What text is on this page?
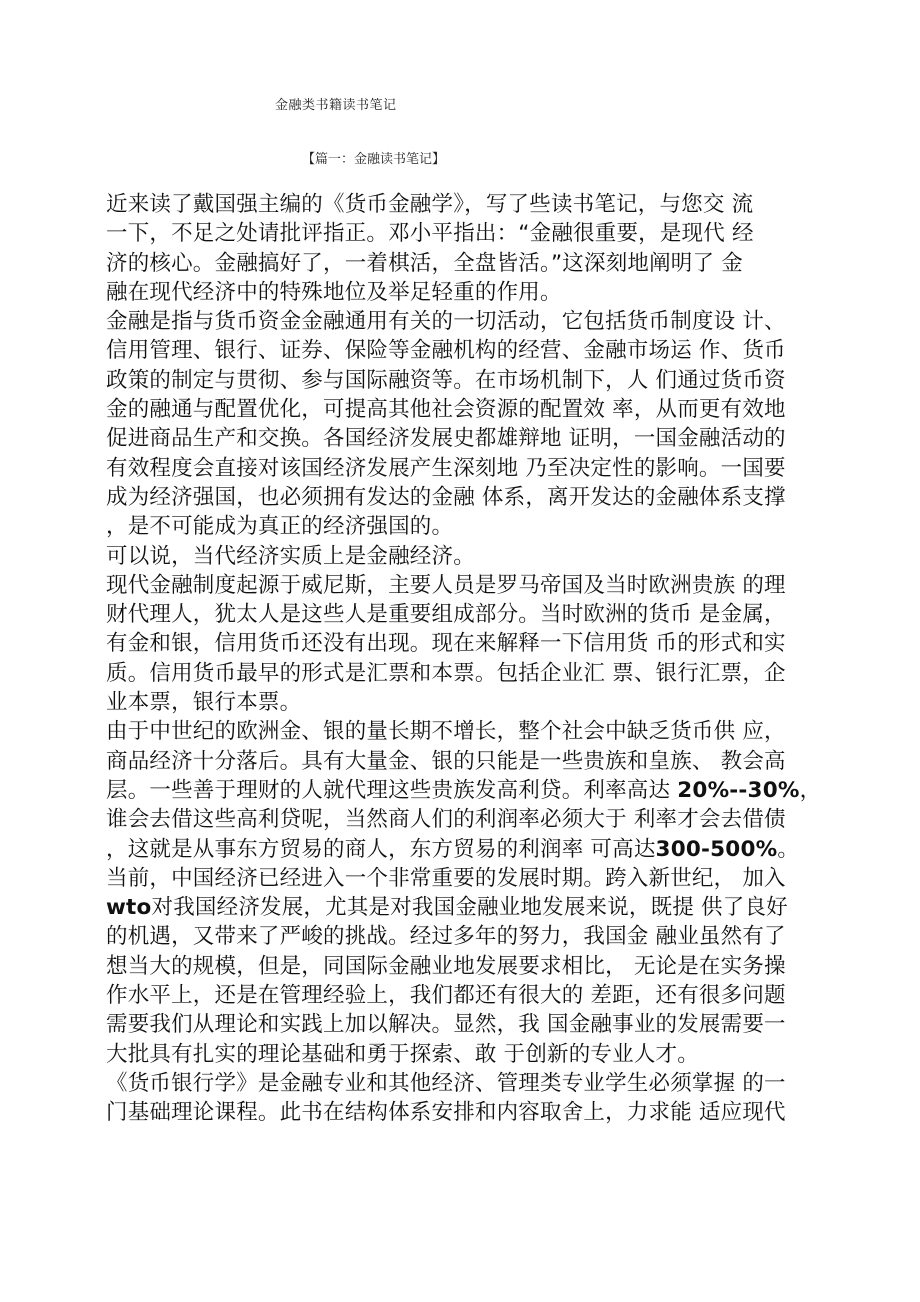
金融类书籍读书笔记
【篇一：金融读书笔记】
近来读了戴国强主编的《货币金融学》，写了些读书笔记，与您交 流
一下，不足之处请批评指正。邓小平指出：“金融很重要，是现代 经
济的核心。金融搞好了，一着棋活，全盘皆活。”这深刻地阐明了 金
融在现代经济中的特殊地位及举足轻重的作用。
金融是指与货币资金金融通用有关的一切活动，它包括货币制度设 计、
信用管理、银行、证券、保险等金融机构的经营、金融市场运 作、货币
政策的制定与贯彻、参与国际融资等。在市场机制下，人 们通过货币资
金的融通与配置优化，可提高其他社会资源的配置效 率，从而更有效地
促进商品生产和交换。各国经济发展史都雄辩地 证明，一国金融活动的
有效程度会直接对该国经济发展产生深刻地 乃至决定性的影响。一国要
成为经济强国，也必须拥有发达的金融 体系，离开发达的金融体系支撑
，是不可能成为真正的经济强国的。
可以说，当代经济实质上是金融经济。
现代金融制度起源于威尼斯，主要人员是罗马帝国及当时欧洲贵族 的理
财代理人，犹太人是这些人是重要组成部分。当时欧洲的货币 是金属，
有金和银，信用货币还没有出现。现在来解释一下信用货 币的形式和实
质。信用货币最早的形式是汇票和本票。包括企业汇 票、银行汇票，企
业本票，银行本票。
由于中世纪的欧洲金、银的量长期不增长，整个社会中缺乏货币供 应，
商品经济十分落后。具有大量金、银的只能是一些贵族和皇族、 教会高
层。一些善于理财的人就代理这些贵族发高利贷。利率高达 20%--30%，
谁会去借这些高利贷呢，当然商人们的利润率必须大于 利率才会去借债
，这就是从事东方贸易的商人，东方贸易的利润率 可高达300-500%。
当前，中国经济已经进入一个非常重要的发展时期。跨入新世纪， 加入
wto对我国经济发展，尤其是对我国金融业地发展来说，既提 供了良好
的机遇，又带来了严峻的挑战。经过多年的努力，我国金 融业虽然有了
想当大的规模，但是，同国际金融业地发展要求相比， 无论是在实务操
作水平上，还是在管理经验上，我们都还有很大的 差距，还有很多问题
需要我们从理论和实践上加以解决。显然，我 国金融事业的发展需要一
大批具有扎实的理论基础和勇于探索、敢 于创新的专业人才。
《货币银行学》是金融专业和其他经济、管理类专业学生必须掌握 的一
门基础理论课程。此书在结构体系安排和内容取舍上，力求能 适应现代
